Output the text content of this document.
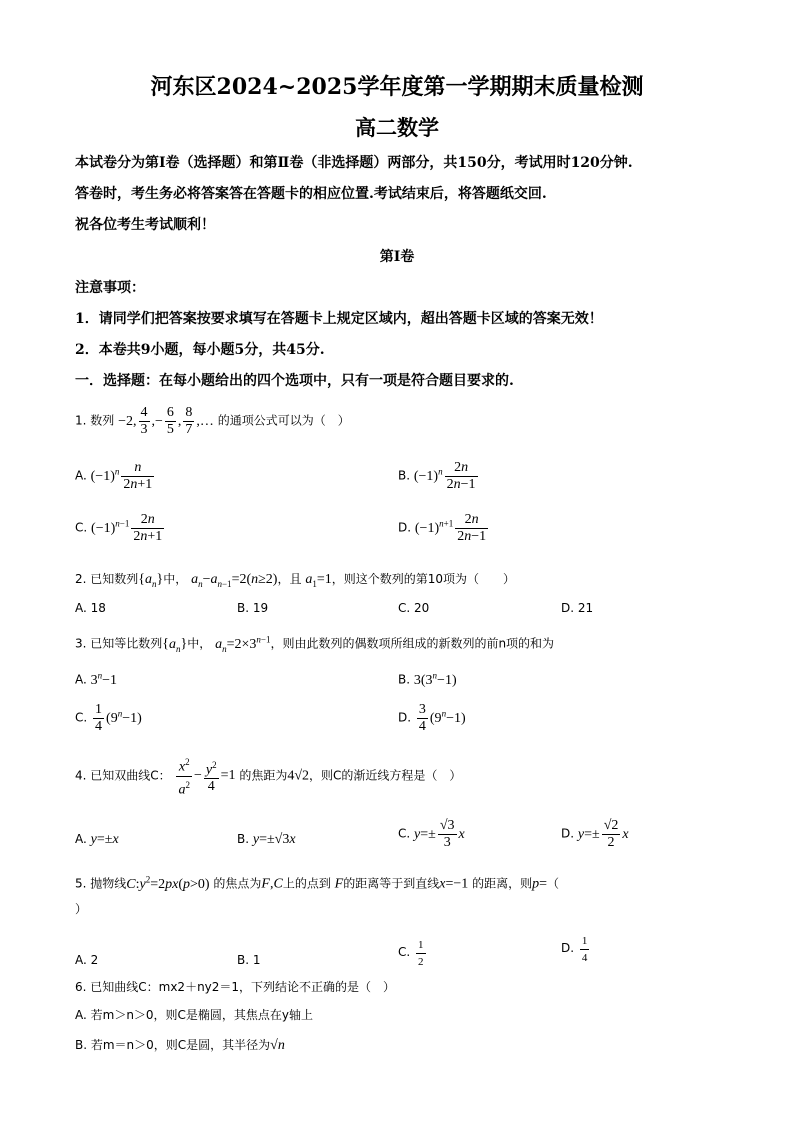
河东区2024~2025学年度第一学期期末质量检测
高二数学
本试卷分为第Ⅰ卷（选择题）和第Ⅱ卷（非选择题）两部分，共150分，考试用时120分钟.
答卷时，考生务必将答案答在答题卡的相应位置.考试结束后，将答题纸交回.
祝各位考生考试顺利！
第Ⅰ卷
注意事项：
1．请同学们把答案按要求填写在答题卡上规定区域内，超出答题卡区域的答案无效！
2．本卷共9小题，每小题5分，共45分.
一．选择题：在每小题给出的四个选项中，只有一项是符合题目要求的.
1. 数列 −2, $\frac{4}{3}$ ,− $\frac{6}{5}$ , $\frac{8}{7}$ ,… 的通项公式可以为（　）
A. $(-1)^n \frac{n}{2n+1}$	B. $(-1)^n \frac{2n}{2n-1}$
C. $(-1)^{n-1} \frac{2n}{2n+1}$	D. $(-1)^{n+1} \frac{2n}{2n-1}$
2. 已知数列$\{a_n\}$中， $a_n-a_{n-1}=2(n\ge 2)$，且 $a_1=1$，则这个数列的第10项为（　　）
A. 18	B. 19	C. 20	D. 21
3. 已知等比数列$\{a_n\}$中， $a_n=2\times 3^{n-1}$，则由此数列的偶数项所组成的新数列的前n项的和为
A. $3^n-1$	B. $3(3^n-1)$
C. $\frac{1}{4} (9^n-1)$	D. $\frac{3}{4} (9^n-1)$
4. 已知双曲线C： $\frac{x^2}{a^2} - \frac{y^2}{4} =1$ 的焦距为4√2，则C的渐近线方程是（　）
A. y=±x	B. y=±√3x	C. $y=\pm \frac{√3}{3}$ x	D. $y=\pm \frac{√2}{2}$ x
5. 抛物线$C:y^2=2px(p>0)$ 的焦点为F,C上的点到 F的距离等于到直线x=−1 的距离，则p=（
）
A. 2	B. 1
C. $\frac{1}{2}$	D. $\frac{1}{4}$
6. 已知曲线C：mx2＋ny2＝1，下列结论不正确的是（　）
A. 若m＞n＞0，则C是椭圆，其焦点在y轴上
B. 若m＝n＞0，则C是圆，其半径为√n
